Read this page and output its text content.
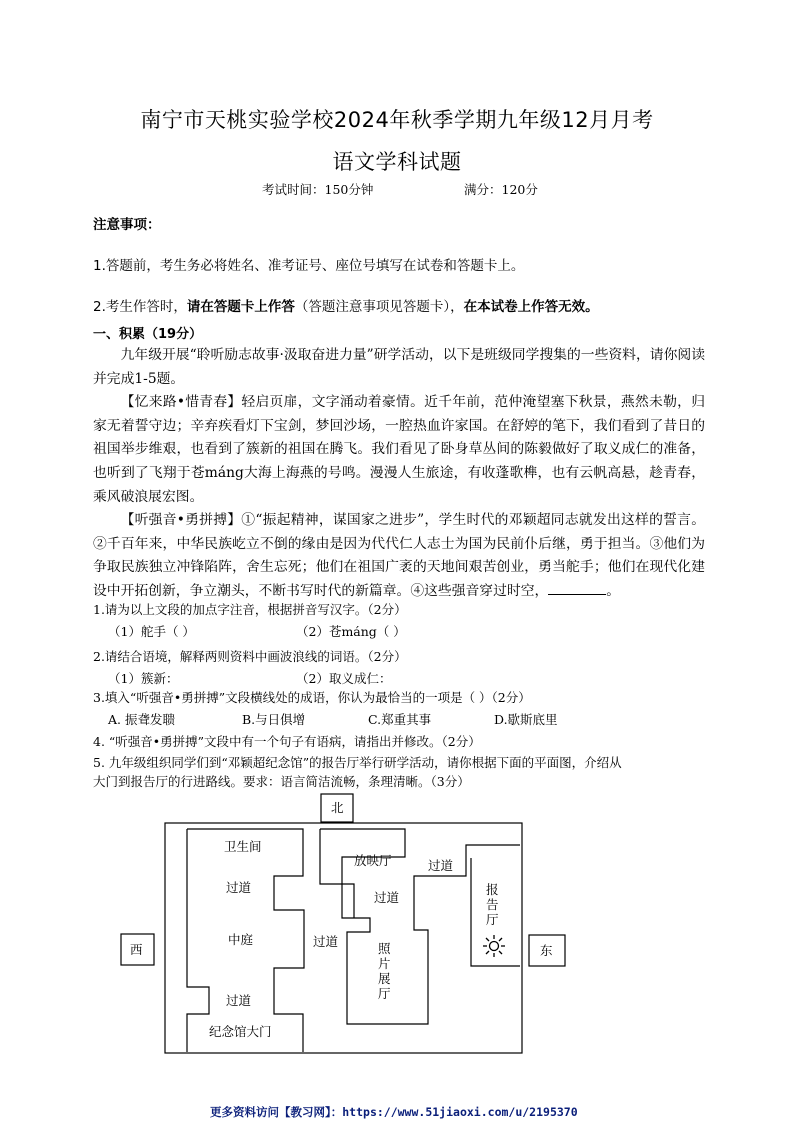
南宁市天桃实验学校2024年秋季学期九年级12月月考
语文学科试题
考试时间：150分钟	满分：120分
注意事项：
1.答题前，考生务必将姓名、准考证号、座位号填写在试卷和答题卡上。
2.考生作答时，请在答题卡上作答（答题注意事项见答题卡），在本试卷上作答无效。
一、积累（19分）

九年级开展“聆听励志故事·汲取奋进力量”研学活动，以下是班级同学搜集的一些资料，请你阅读并完成1-5题。

【忆来路•惜青春】轻启页扉，文字涌动着豪情。近千年前，范仲淹望塞下秋景，燕然未勒，归家无着誓守边；辛弃疾看灯下宝剑，梦回沙场，一腔热血许家国。在舒婷的笔下，我们看到了昔日的祖国举步维艰，也看到了簇新的祖国在腾飞。我们看见了卧身草丛间的陈毅做好了取义成仁的准备，也听到了飞翔于苍máng大海上海燕的号鸣。漫漫人生旅途，有收蓬歌榫，也有云帆高悬，趁青春，乘风破浪展宏图。

【听强音•勇拼搏】①“振起精神，谋国家之进步”，学生时代的邓颖超同志就发出这样的誓言。②千百年来，中华民族屹立不倒的缘由是因为代代仁人志士为国为民前仆后继，勇于担当。③他们为争取民族独立冲锋陷阵，舍生忘死；他们在祖国广袤的天地间艰苦创业，勇当舵手；他们在现代化建设中开拓创新，争立潮头，不断书写时代的新篇章。④这些强音穿过时空，	。

1.请为以上文段的加点字注音，根据拼音写汉字。（2分）
（1）舵手（ ）	（2）苍máng（ ）
2.请结合语境，解释两则资料中画波浪线的词语。（2分）
（1）簇新：	（2）取义成仁：
3.填入“听强音•勇拼搏”文段横线处的成语，你认为最恰当的一项是（ ）（2分）
A. 振聋发聩	B.与日俱增	C.郑重其事	D.歇斯底里
4. “听强音•勇拼搏”文段中有一个句子有语病，请指出并修改。（2分）
5. 九年级组织同学们到“邓颖超纪念馆”的报告厅举行研学活动，请你根据下面的平面图，介绍从
大门到报告厅的行进路线。要求：语言简洁流畅，条理清晰。（3分）
北
西	东
卫生间
过道
中庭	过道
过道
纪念馆大门
放映厅	过道
过道
照片展厅
报告厅
更多资料访问【教习网】：https://www.51jiaoxi.com/u/2195370
